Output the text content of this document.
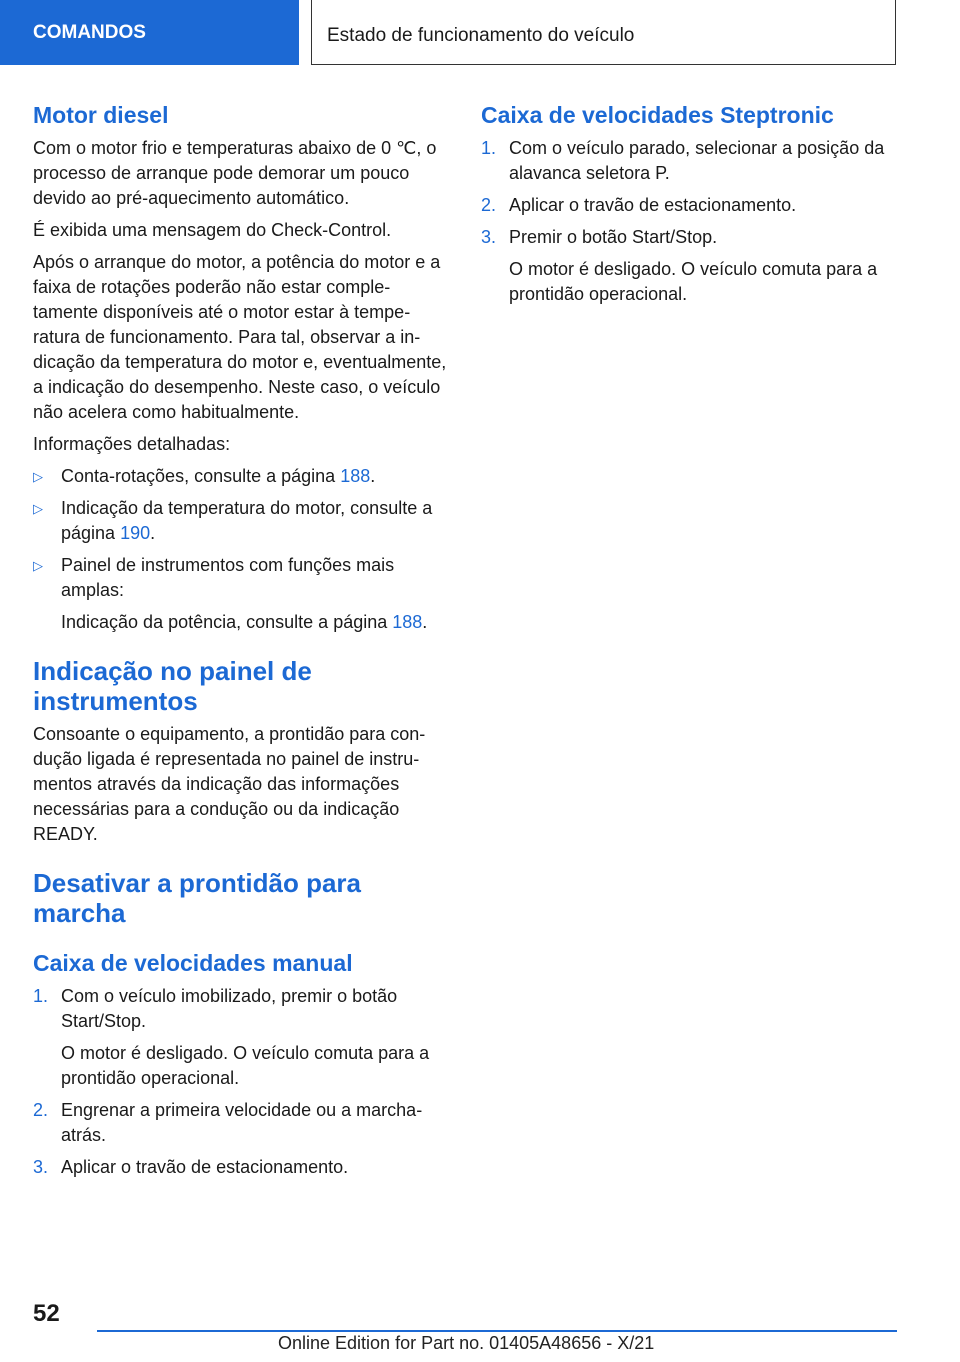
COMANDOS	Estado de funcionamento do veículo
Motor diesel

Com o motor frio e temperaturas abaixo de 0 ℃, o processo de arranque pode demorar um pouco devido ao pré-aquecimento automático.

É exibida uma mensagem do Check-Control.

Após o arranque do motor, a potência do motor e a faixa de rotações poderão não estar completamente disponíveis até o motor estar à temperatura de funcionamento. Para tal, observar a indicação da temperatura do motor e, eventualmente, a indicação do desempenho. Neste caso, o veículo não acelera como habitualmente.

Informações detalhadas:

▷ Conta-rotações, consulte a página 188.
▷ Indicação da temperatura do motor, consulte a página 190.
▷ Painel de instrumentos com funções mais amplas:
Indicação da potência, consulte a página 188.
Indicação no painel de instrumentos

Consoante o equipamento, a prontidão para condução ligada é representada no painel de instrumentos através da indicação das informações necessárias para a condução ou da indicação READY.

Desativar a prontidão para marcha
Caixa de velocidades manual
1. Com o veículo imobilizado, premir o botão Start/Stop.
O motor é desligado. O veículo comuta para a prontidão operacional.
2. Engrenar a primeira velocidade ou a marcha-atrás.
3. Aplicar o travão de estacionamento.
Caixa de velocidades Steptronic
1. Com o veículo parado, selecionar a posição da alavanca seletora P.
2. Aplicar o travão de estacionamento.
3. Premir o botão Start/Stop.
O motor é desligado. O veículo comuta para a prontidão operacional.
52
Online Edition for Part no. 01405A48656 - X/21
